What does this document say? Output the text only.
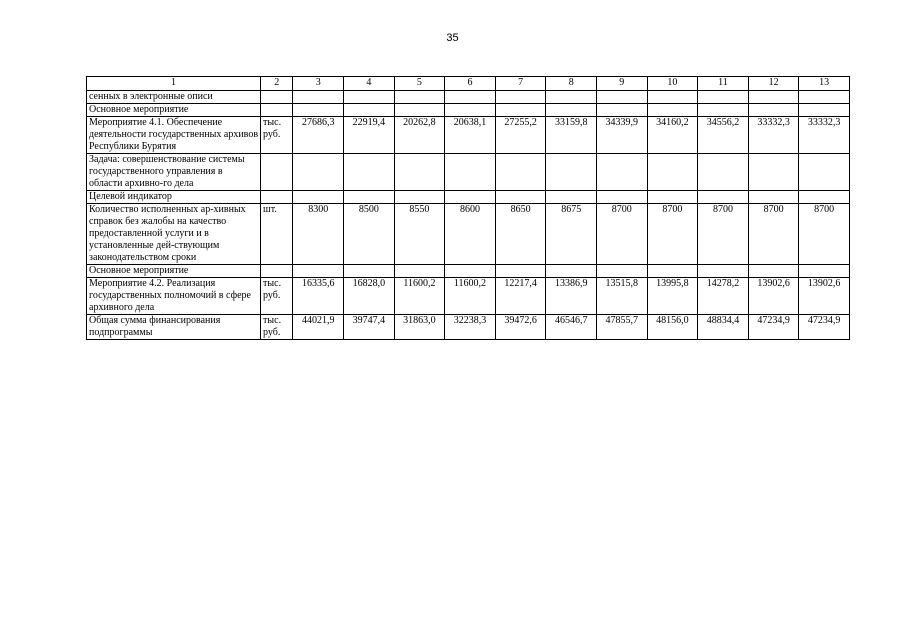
35
1	2	3	4	5	6	7	8	9	10	11	12	13
сенных в электронные описи												
Основное мероприятие												
Мероприятие 4.1. Обеспечение деятельности государственных архивов Республики Бурятия	тыс. руб.	27686,3	22919,4	20262,8	20638,1	27255,2	33159,8	34339,9	34160,2	34556,2	33332,3	33332,3
Задача: совершенствование системы государственного управления в области архивно-го дела												
Целевой индикатор												
Количество исполненных ар-хивных справок без жалобы на качество предоставленной услуги и в установленные дей-ствующим законодательством сроки	шт.	8300	8500	8550	8600	8650	8675	8700	8700	8700	8700	8700
Основное мероприятие												
Мероприятие 4.2. Реализация государственных полномочий в сфере архивного дела	тыс. руб.	16335,6	16828,0	11600,2	11600,2	12217,4	13386,9	13515,8	13995,8	14278,2	13902,6	13902,6
Общая сумма финансирования подпрограммы	тыс. руб.	44021,9	39747,4	31863,0	32238,3	39472,6	46546,7	47855,7	48156,0	48834,4	47234,9	47234,9
